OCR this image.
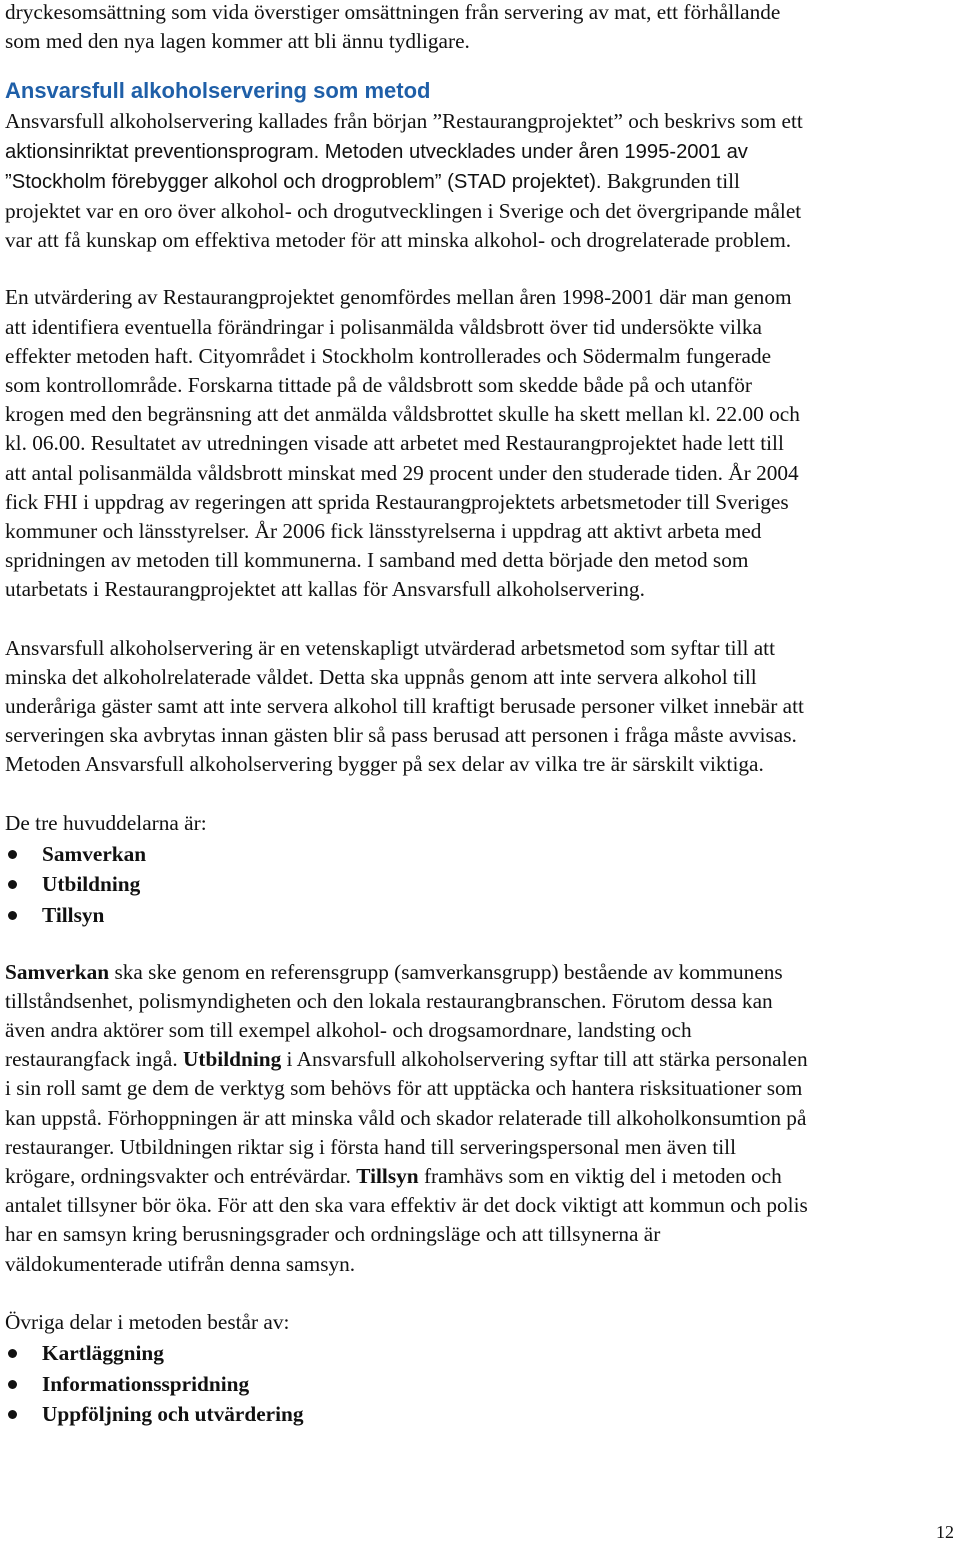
dryckesomsättning som vida överstiger omsättningen från servering av mat, ett förhållande
som med den nya lagen kommer att bli ännu tydligare.
Ansvarsfull alkoholservering som metod
Ansvarsfull alkoholservering kallades från början ”Restaurangprojektet” och beskrivs som ett
aktionsinriktat preventionsprogram. Metoden utvecklades under åren 1995-2001 av
”Stockholm förebygger alkohol och drogproblem” (STAD projektet). Bakgrunden till
projektet var en oro över alkohol- och drogutvecklingen i Sverige och det övergripande målet
var att få kunskap om effektiva metoder för att minska alkohol- och drogrelaterade problem.
En utvärdering av Restaurangprojektet genomfördes mellan åren 1998-2001 där man genom
att identifiera eventuella förändringar i polisanmälda våldsbrott över tid undersökte vilka
effekter metoden haft. Cityområdet i Stockholm kontrollerades och Södermalm fungerade
som kontrollområde. Forskarna tittade på de våldsbrott som skedde både på och utanför
krogen med den begränsning att det anmälda våldsbrottet skulle ha skett mellan kl. 22.00 och
kl. 06.00. Resultatet av utredningen visade att arbetet med Restaurangprojektet hade lett till
att antal polisanmälda våldsbrott minskat med 29 procent under den studerade tiden. År 2004
fick FHI i uppdrag av regeringen att sprida Restaurangprojektets arbetsmetoder till Sveriges
kommuner och länsstyrelser. År 2006 fick länsstyrelserna i uppdrag att aktivt arbeta med
spridningen av metoden till kommunerna. I samband med detta började den metod som
utarbetats i Restaurangprojektet att kallas för Ansvarsfull alkoholservering.
Ansvarsfull alkoholservering är en vetenskapligt utvärderad arbetsmetod som syftar till att
minska det alkoholrelaterade våldet. Detta ska uppnås genom att inte servera alkohol till
underåriga gäster samt att inte servera alkohol till kraftigt berusade personer vilket innebär att
serveringen ska avbrytas innan gästen blir så pass berusad att personen i fråga måste avvisas.
Metoden Ansvarsfull alkoholservering bygger på sex delar av vilka tre är särskilt viktiga.
De tre huvuddelarna är:
Samverkan
Utbildning
Tillsyn
Samverkan ska ske genom en referensgrupp (samverkansgrupp) bestående av kommunens
tillståndsenhet, polismyndigheten och den lokala restaurangbranschen. Förutom dessa kan
även andra aktörer som till exempel alkohol- och drogsamordnare, landsting och
restaurangfack ingå. Utbildning i Ansvarsfull alkoholservering syftar till att stärka personalen
i sin roll samt ge dem de verktyg som behövs för att upptäcka och hantera risksituationer som
kan uppstå. Förhoppningen är att minska våld och skador relaterade till alkoholkonsumtion på
restauranger. Utbildningen riktar sig i första hand till serveringspersonal men även till
krögare, ordningsvakter och entrévärdar. Tillsyn framhävs som en viktig del i metoden och
antalet tillsyner bör öka. För att den ska vara effektiv är det dock viktigt att kommun och polis
har en samsyn kring berusningsgrader och ordningsläge och att tillsynerna är
väldokumenterade utifrån denna samsyn.
Övriga delar i metoden består av:
Kartläggning
Informationsspridning
Uppföljning och utvärdering
12
